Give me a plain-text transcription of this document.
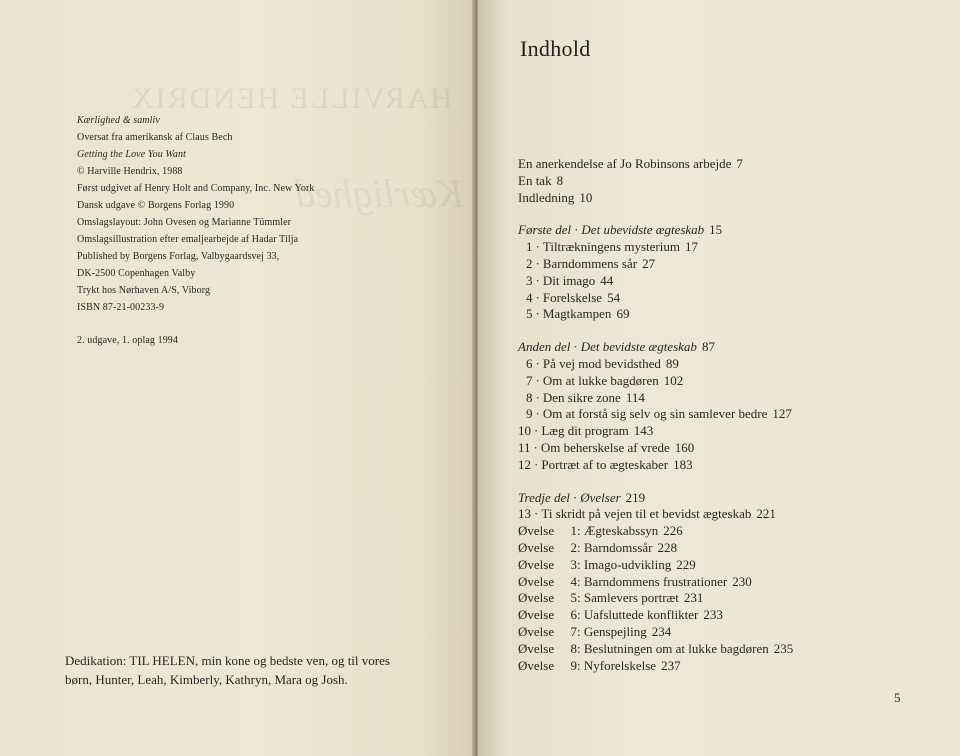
HARVILLE HENDRIX
Kærlighed
Kærlighed & samliv
Oversat fra amerikansk af Claus Bech
Getting the Love You Want
© Harville Hendrix, 1988
Først udgivet af Henry Holt and Company, Inc. New York
Dansk udgave © Borgens Forlag 1990
Omslagslayout: John Ovesen og Marianne Tümmler
Omslagsillustration efter emaljearbejde af Hadar Tilja
Published by Borgens Forlag, Valbygaardsvej 33,
DK-2500 Copenhagen Valby
Trykt hos Nørhaven A/S, Viborg
ISBN 87-21-00233-9
2. udgave, 1. oplag 1994
Dedikation: TIL HELEN, min kone og bedste ven, og til vores
børn, Hunter, Leah, Kimberly, Kathryn, Mara og Josh.
Indhold
En anerkendelse af Jo Robinsons arbejde 7
En tak 8
Indledning 10
Første del · Det ubevidste ægteskab 15
1 · Tiltrækningens mysterium 17
2 · Barndommens sår 27
3 · Dit imago 44
4 · Forelskelse 54
5 · Magtkampen 69
Anden del · Det bevidste ægteskab 87
6 · På vej mod bevidsthed 89
7 · Om at lukke bagdøren 102
8 · Den sikre zone 114
9 · Om at forstå sig selv og sin samlever bedre 127
10 · Læg dit program 143
11 · Om beherskelse af vrede 160
12 · Portræt af to ægteskaber 183
Tredje del · Øvelser 219
13 · Ti skridt på vejen til et bevidst ægteskab 221
Øvelse 1: Ægteskabssyn 226
Øvelse 2: Barndomssår 228
Øvelse 3: Imago-udvikling 229
Øvelse 4: Barndommens frustrationer 230
Øvelse 5: Samlevers portræt 231
Øvelse 6: Uafsluttede konflikter 233
Øvelse 7: Genspejling 234
Øvelse 8: Beslutningen om at lukke bagdøren 235
Øvelse 9: Nyforelskelse 237
5
